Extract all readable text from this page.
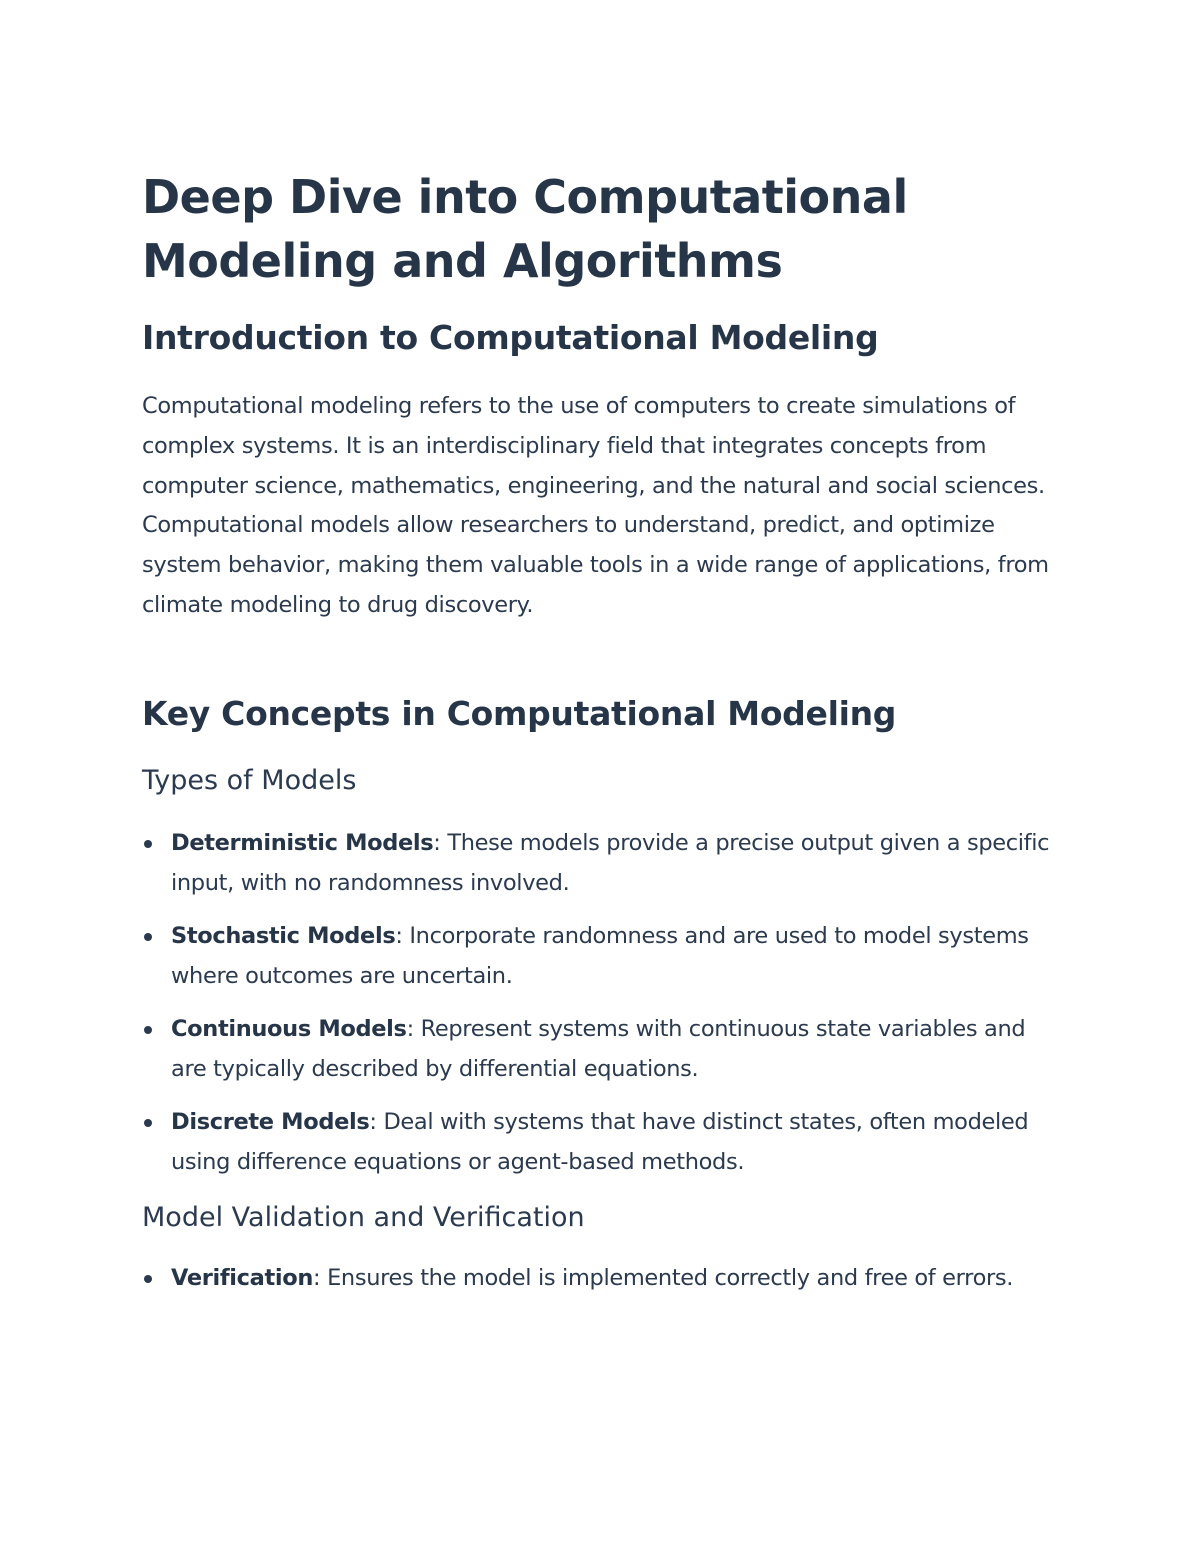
Deep Dive into Computational Modeling and Algorithms
Introduction to Computational Modeling

Computational modeling refers to the use of computers to create simulations of complex systems. It is an interdisciplinary field that integrates concepts from computer science, mathematics, engineering, and the natural and social sciences. Computational models allow researchers to understand, predict, and optimize system behavior, making them valuable tools in a wide range of applications, from climate modeling to drug discovery.

Key Concepts in Computational Modeling
Types of Models
Deterministic Models: These models provide a precise output given a specific input, with no randomness involved.
Stochastic Models: Incorporate randomness and are used to model systems where outcomes are uncertain.
Continuous Models: Represent systems with continuous state variables and are typically described by differential equations.
Discrete Models: Deal with systems that have distinct states, often modeled using difference equations or agent-based methods.
Model Validation and Verification
Verification: Ensures the model is implemented correctly and free of errors.
